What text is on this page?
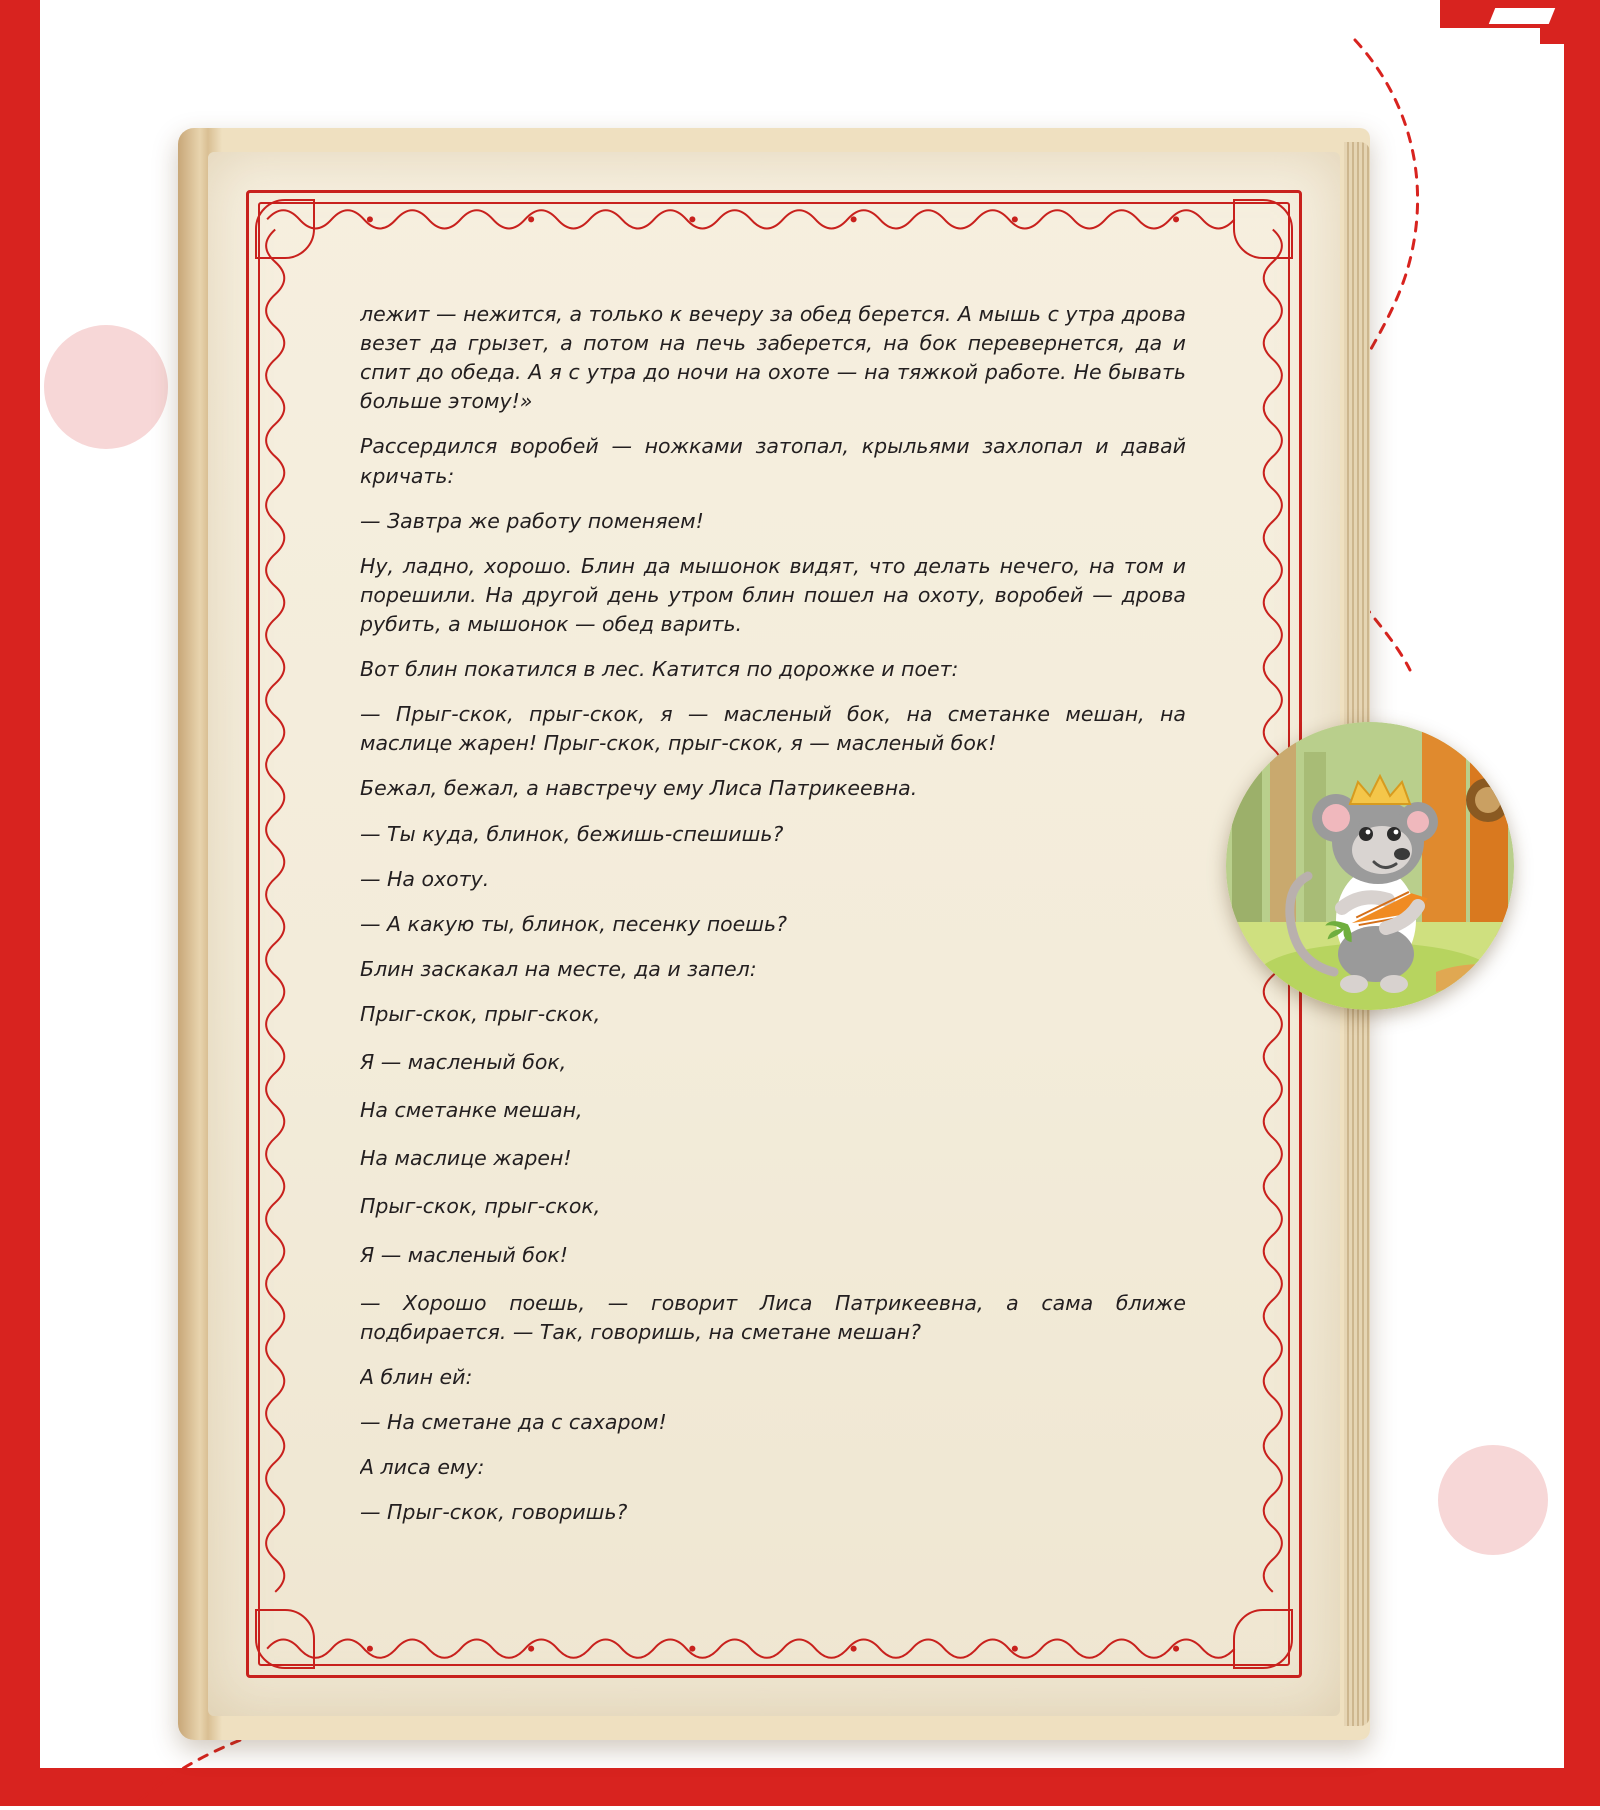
лежит — нежится, а только к вечеру за обед берется. А мышь с утра дрова везет да грызет, а потом на печь заберется, на бок перевернется, да и спит до обеда. А я с утра до ночи на охоте — на тяжкой работе. Не бывать больше этому!»

Рассердился воробей — ножками затопал, крыльями захлопал и давай кричать:

— Завтра же работу поменяем!

Ну, ладно, хорошо. Блин да мышонок видят, что делать нечего, на том и порешили. На другой день утром блин пошел на охоту, воробей — дрова рубить, а мышонок — обед варить.

Вот блин покатился в лес. Катится по дорожке и поет:

— Прыг-скок, прыг-скок, я — масленый бок, на сметанке мешан, на маслице жарен! Прыг-скок, прыг-скок, я — масленый бок!

Бежал, бежал, а навстречу ему Лиса Патрикеевна.

— Ты куда, блинок, бежишь-спешишь?

— На охоту.

— А какую ты, блинок, песенку поешь?

Блин заскакал на месте, да и запел:

Прыг-скок, прыг-скок,

Я — масленый бок,

На сметанке мешан,

На маслице жарен!

Прыг-скок, прыг-скок,

Я — масленый бок!

— Хорошо поешь, — говорит Лиса Патрикеевна, а сама ближе подбирается. — Так, говоришь, на сметане мешан?

А блин ей:

— На сметане да с сахаром!

А лиса ему:

— Прыг-скок, говоришь?
